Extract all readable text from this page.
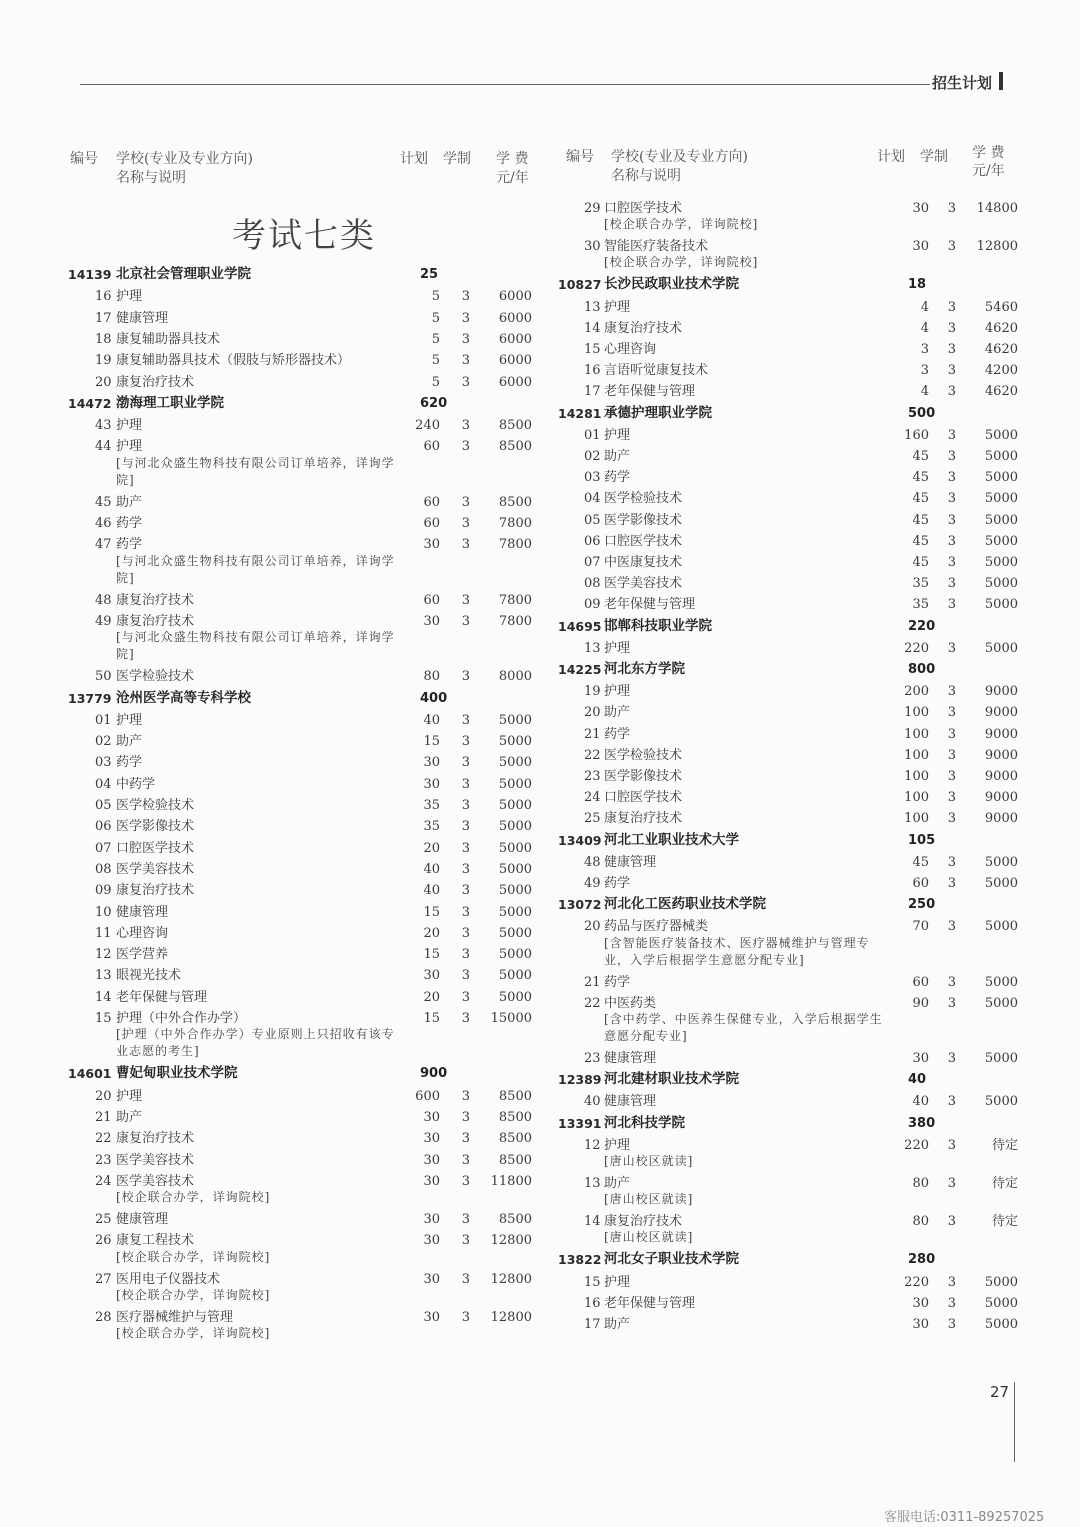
招生计划
编号 学校(专业及专业方向)
名称与说明
计划 学制 学 费
元/年
编号 学校(专业及专业方向)
名称与说明
计划 学制 学 费
元/年
考试七类
14139 北京社会管理职业学院	25
16 护理	5 3 6000
17 健康管理	5 3 6000
18 康复辅助器具技术	5 3 6000
19 康复辅助器具技术（假肢与矫形器技术）	5 3 6000
20 康复治疗技术	5 3 6000
14472 渤海理工职业学院	620
43 护理	240 3 8500
44 护理	60 3 8500
[与河北众盛生物科技有限公司订单培养，详询学院]
45 助产	60 3 8500
46 药学	60 3 7800
47 药学	30 3 7800
[与河北众盛生物科技有限公司订单培养，详询学院]
48 康复治疗技术	60 3 7800
49 康复治疗技术	30 3 7800
[与河北众盛生物科技有限公司订单培养，详询学院]
50 医学检验技术	80 3 8000
13779 沧州医学高等专科学校	400
01 护理	40 3 5000
02 助产	15 3 5000
03 药学	30 3 5000
04 中药学	30 3 5000
05 医学检验技术	35 3 5000
06 医学影像技术	35 3 5000
07 口腔医学技术	20 3 5000
08 医学美容技术	40 3 5000
09 康复治疗技术	40 3 5000
10 健康管理	15 3 5000
11 心理咨询	20 3 5000
12 医学营养	15 3 5000
13 眼视光技术	30 3 5000
14 老年保健与管理	20 3 5000
15 护理（中外合作办学）	15 3 15000
[护理（中外合作办学）专业原则上只招收有该专业志愿的考生]
14601 曹妃甸职业技术学院	900
20 护理	600 3 8500
21 助产	30 3 8500
22 康复治疗技术	30 3 8500
23 医学美容技术	30 3 8500
24 医学美容技术	30 3 11800
[校企联合办学，详询院校]
25 健康管理	30 3 8500
26 康复工程技术	30 3 12800
[校企联合办学，详询院校]
27 医用电子仪器技术	30 3 12800
[校企联合办学，详询院校]
28 医疗器械维护与管理	30 3 12800
[校企联合办学，详询院校]
29 口腔医学技术	30 3 14800
[校企联合办学，详询院校]
30 智能医疗装备技术	30 3 12800
[校企联合办学，详询院校]
10827 长沙民政职业技术学院	18
13 护理	4 3 5460
14 康复治疗技术	4 3 4620
15 心理咨询	3 3 4620
16 言语听觉康复技术	3 3 4200
17 老年保健与管理	4 3 4620
14281 承德护理职业学院	500
01 护理	160 3 5000
02 助产	45 3 5000
03 药学	45 3 5000
04 医学检验技术	45 3 5000
05 医学影像技术	45 3 5000
06 口腔医学技术	45 3 5000
07 中医康复技术	45 3 5000
08 医学美容技术	35 3 5000
09 老年保健与管理	35 3 5000
14695 邯郸科技职业学院	220
13 护理	220 3 5000
14225 河北东方学院	800
19 护理	200 3 9000
20 助产	100 3 9000
21 药学	100 3 9000
22 医学检验技术	100 3 9000
23 医学影像技术	100 3 9000
24 口腔医学技术	100 3 9000
25 康复治疗技术	100 3 9000
13409 河北工业职业技术大学	105
48 健康管理	45 3 5000
49 药学	60 3 5000
13072 河北化工医药职业技术学院	250
20 药品与医疗器械类	70 3 5000
[含智能医疗装备技术、医疗器械维护与管理专业，入学后根据学生意愿分配专业]
21 药学	60 3 5000
22 中医药类	90 3 5000
[含中药学、中医养生保健专业，入学后根据学生意愿分配专业]
23 健康管理	30 3 5000
12389 河北建材职业技术学院	40
40 健康管理	40 3 5000
13391 河北科技学院	380
12 护理	220 3	待定
[唐山校区就读]
13 助产	80 3	待定
[唐山校区就读]
14 康复治疗技术	80 3	待定
[唐山校区就读]
13822 河北女子职业技术学院	280
15 护理	220 3 5000
16 老年保健与管理	30 3 5000
17 助产	30 3 5000
27
客服电话:0311-89257025
